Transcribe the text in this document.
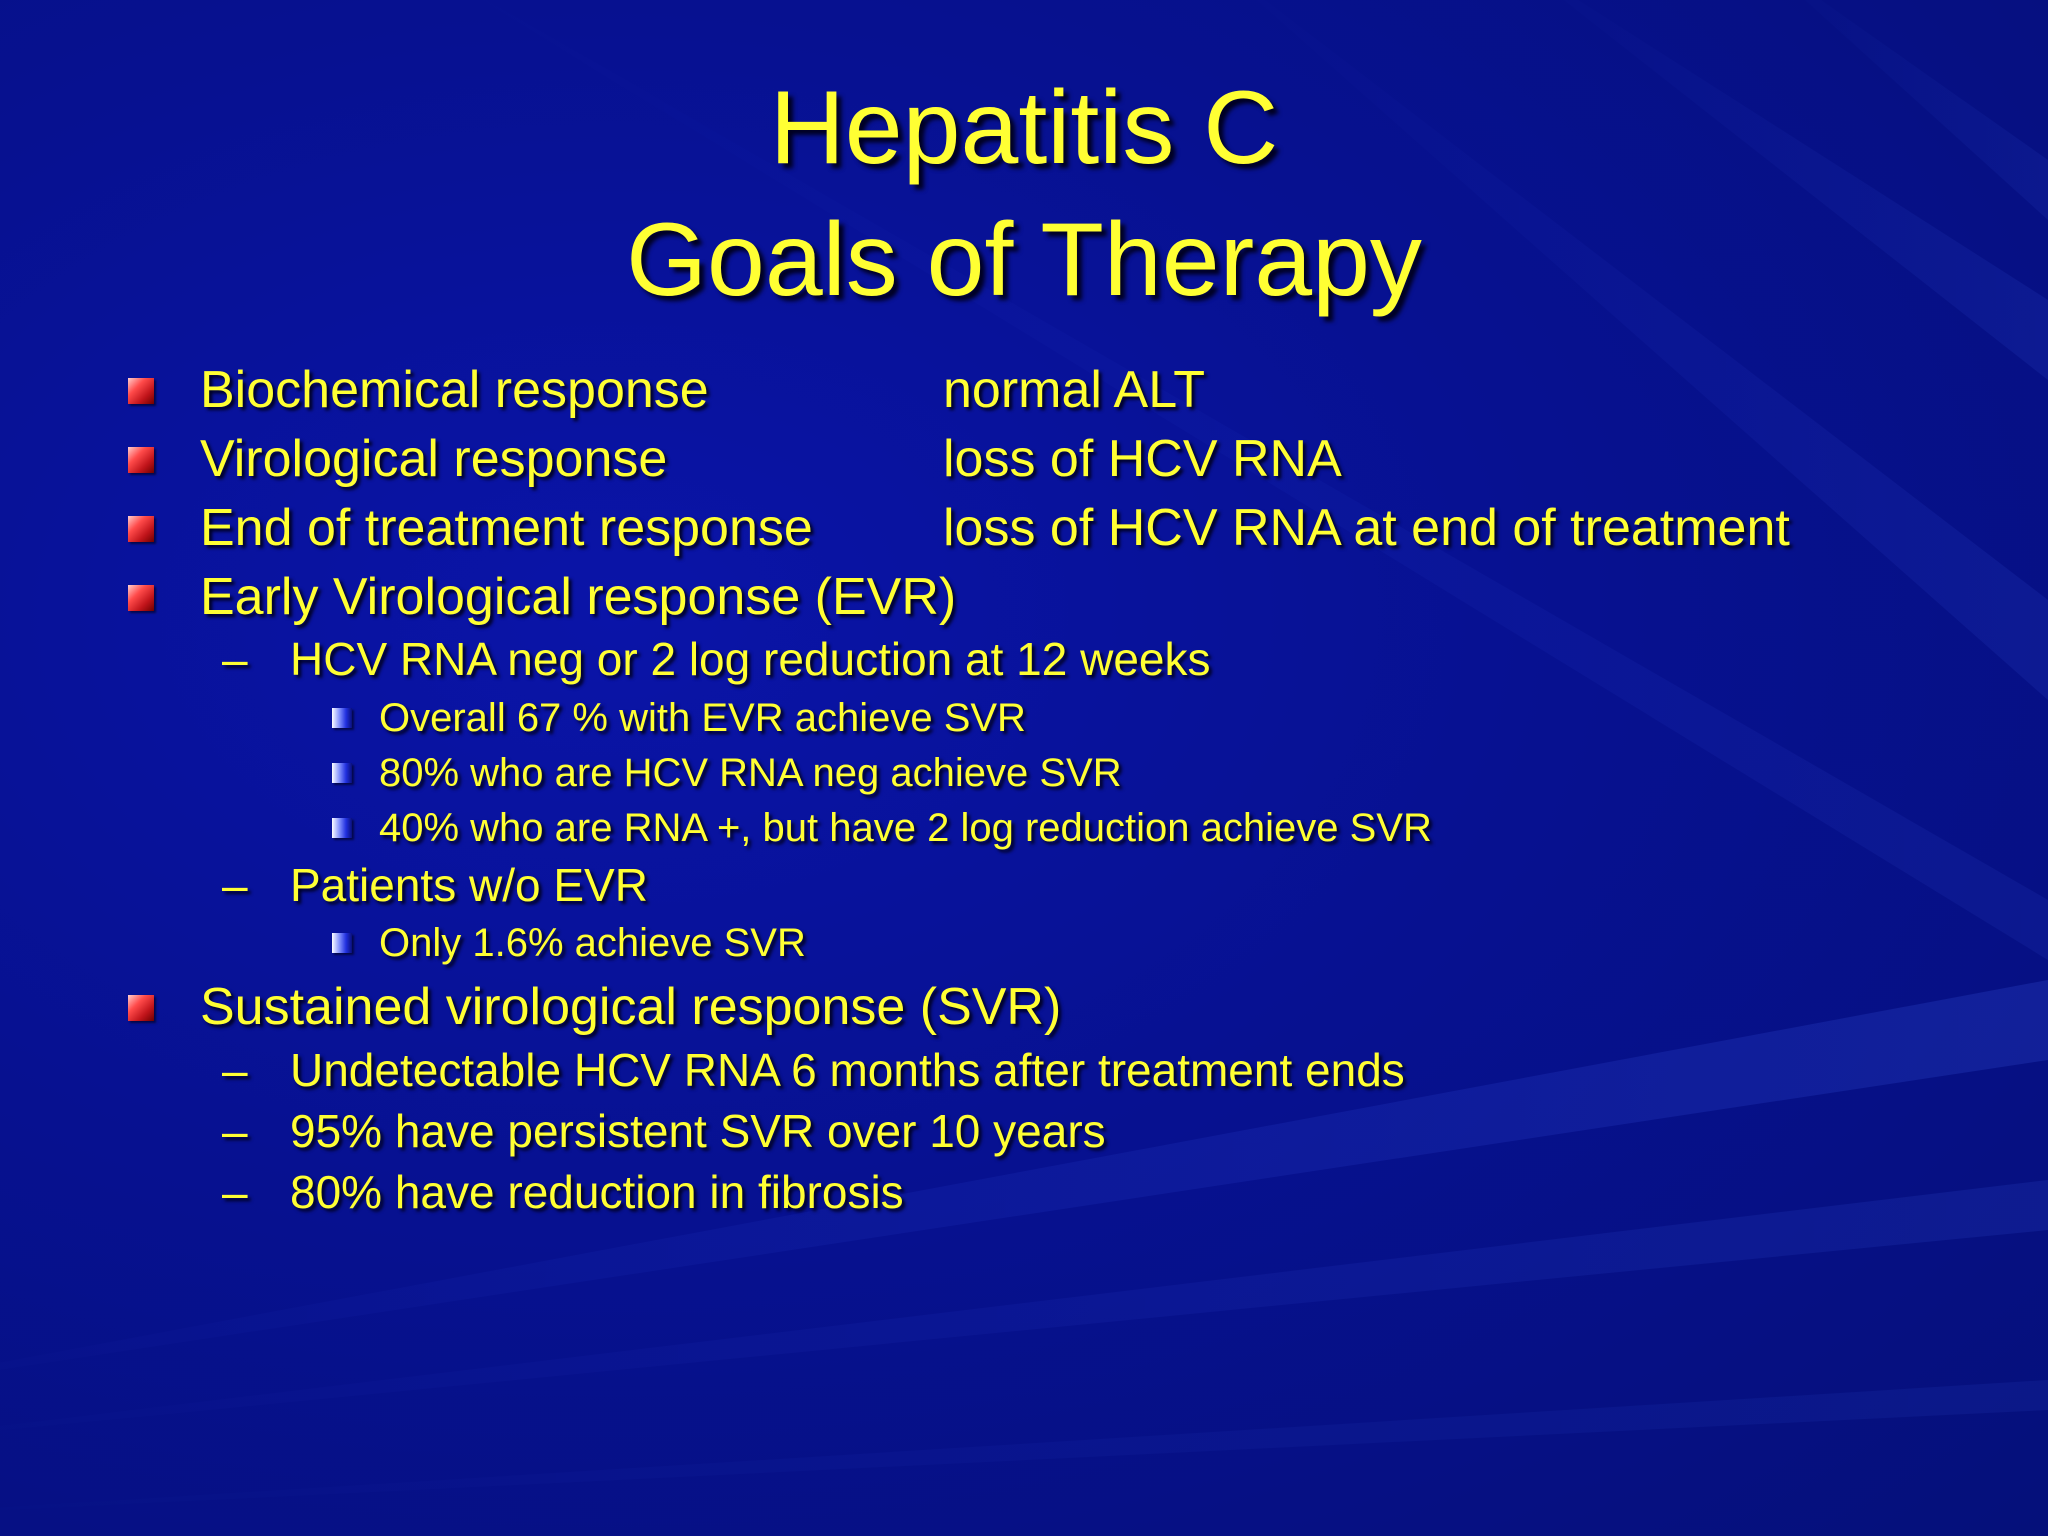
Hepatitis C
Goals of Therapy
Biochemical response	normal ALT
Virological response	loss of HCV RNA
End of treatment response	loss of HCV RNA at end of treatment
Early Virological response (EVR)
– HCV RNA neg or 2 log reduction at 12 weeks
Overall 67 % with EVR achieve SVR
80% who are HCV RNA neg achieve SVR
40% who are RNA +, but have 2 log reduction achieve SVR
– Patients w/o EVR
Only 1.6% achieve SVR
Sustained virological response (SVR)
– Undetectable HCV RNA 6 months after treatment ends
– 95% have persistent SVR over 10 years
– 80% have reduction in fibrosis
